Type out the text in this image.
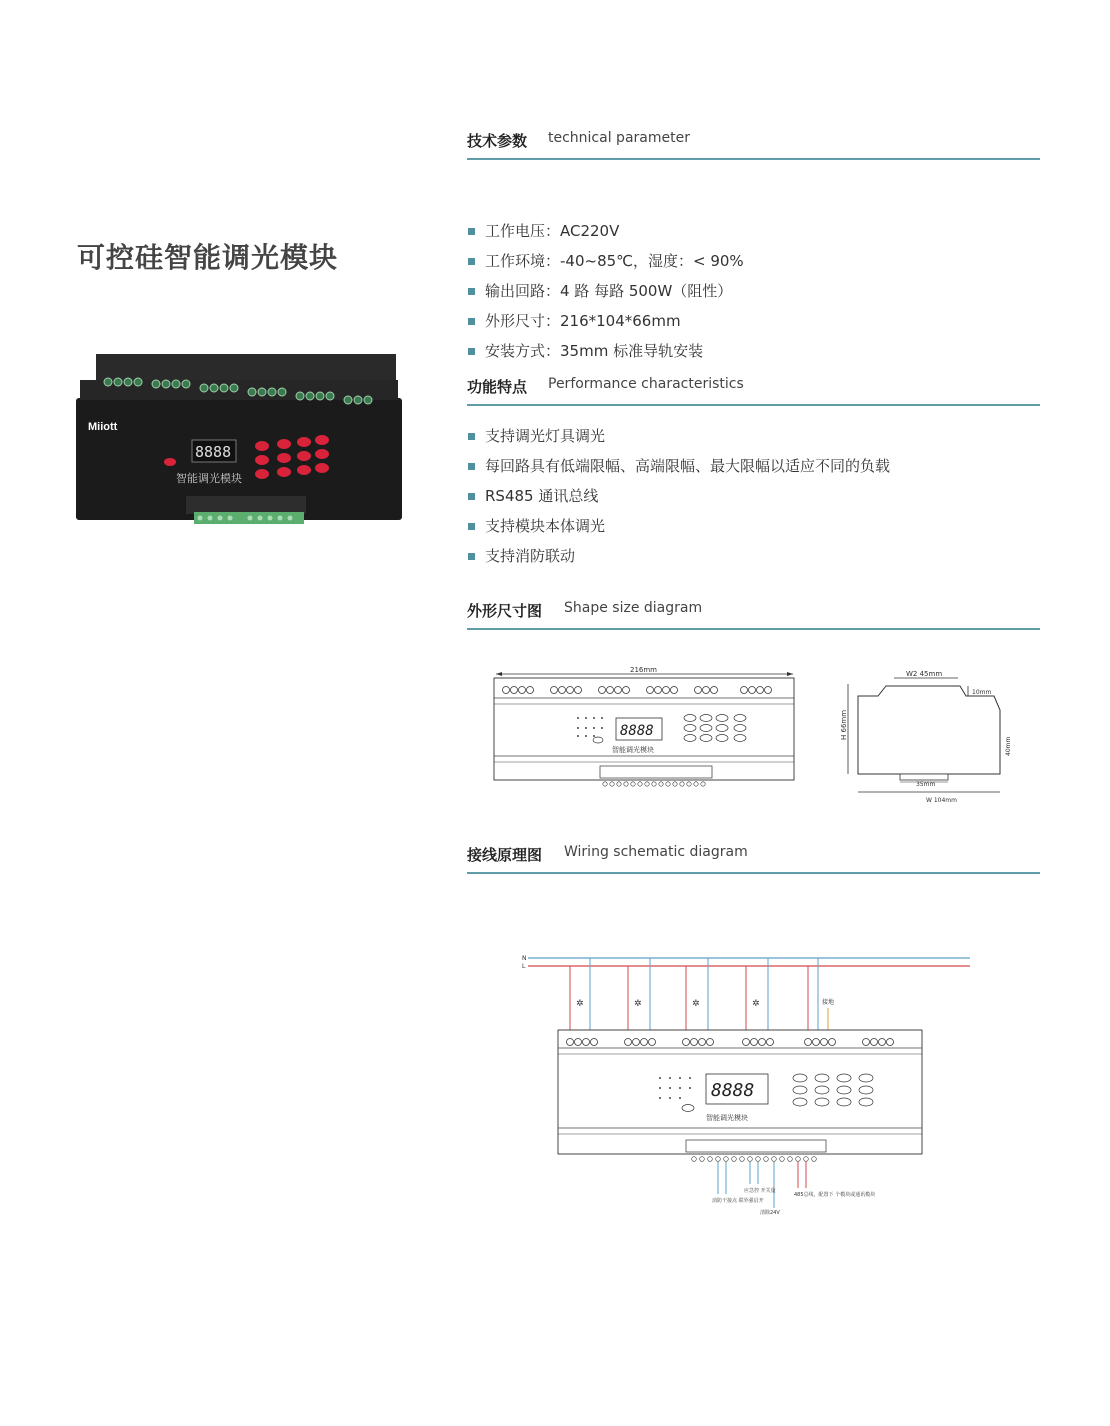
可控硅智能调光模块
Miiott
8888
智能调光模块
技术参数 technical parameter
工作电压：AC220V
工作环境：-40~85℃，湿度：< 90%
输出回路：4 路 每路 500W（阻性）
外形尺寸：216*104*66mm
安装方式：35mm 标准导轨安装
功能特点 Performance characteristics
支持调光灯具调光
每回路具有低端限幅、高端限幅、最大限幅以适应不同的负载
RS485 通讯总线
支持模块本体调光
支持消防联动
外形尺寸图 Shape size diagram
216mm
8888
智能调光模块
W2 45mm
10mm
H 66mm
40mm
35mm
W 104mm
接线原理图 Wiring schematic diagram
N
L
✲	✲	✲	✲	接地
8888
智能调光模块
消防干接点 联外强启开
应急控 开关量
清除24V
485总线，配置下 个模块或通讯模块
